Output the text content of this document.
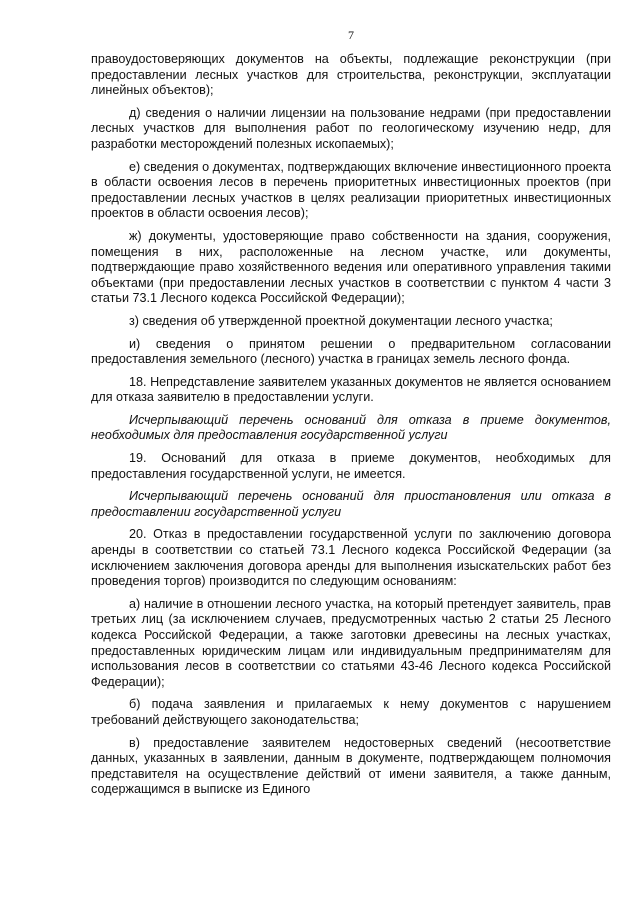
7

правоудостоверяющих документов на объекты, подлежащие реконструкции (при предоставлении лесных участков для строительства, реконструкции, эксплуатации линейных объектов);

д) сведения о наличии лицензии на пользование недрами (при предоставлении лесных участков для выполнения работ по геологическому изучению недр, для разработки месторождений полезных ископаемых);

е) сведения о документах, подтверждающих включение инвестиционного проекта в области освоения лесов в перечень приоритетных инвестиционных проектов (при предоставлении лесных участков в целях реализации приоритетных инвестиционных проектов в области освоения лесов);

ж) документы, удостоверяющие право собственности на здания, сооружения, помещения в них, расположенные на лесном участке, или документы, подтверждающие право хозяйственного ведения или оперативного управления такими объектами (при предоставлении лесных участков в соответствии с пунктом 4 части 3 статьи 73.1 Лесного кодекса Российской Федерации);

з) сведения об утвержденной проектной документации лесного участка;

и) сведения о принятом решении о предварительном согласовании предоставления земельного (лесного) участка в границах земель лесного фонда.

18. Непредставление заявителем указанных документов не является основанием для отказа заявителю в предоставлении услуги.

Исчерпывающий перечень оснований для отказа в приеме документов, необходимых для предоставления государственной услуги

19. Оснований для отказа в приеме документов, необходимых для предоставления государственной услуги, не имеется.

Исчерпывающий перечень оснований для приостановления или отказа в предоставлении государственной услуги

20. Отказ в предоставлении государственной услуги по заключению договора аренды в соответствии со статьей 73.1 Лесного кодекса Российской Федерации (за исключением заключения договора аренды для выполнения изыскательских работ без проведения торгов) производится по следующим основаниям:

а) наличие в отношении лесного участка, на который претендует заявитель, прав третьих лиц (за исключением случаев, предусмотренных частью 2 статьи 25 Лесного кодекса Российской Федерации, а также заготовки древесины на лесных участках, предоставленных юридическим лицам или индивидуальным предпринимателям для использования лесов в соответствии со статьями 43-46 Лесного кодекса Российской Федерации);

б) подача заявления и прилагаемых к нему документов с нарушением требований действующего законодательства;

в) предоставление заявителем недостоверных сведений (несоответствие данных, указанных в заявлении, данным в документе, подтверждающем полномочия представителя на осуществление действий от имени заявителя, а также данным, содержащимся в выписке из Единого
